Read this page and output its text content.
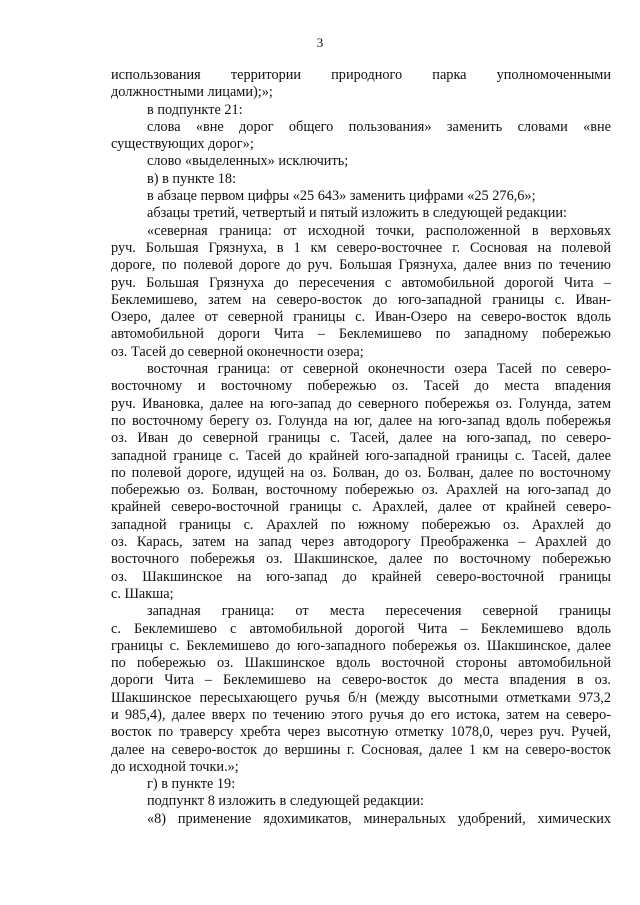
3
использования территории природного парка уполномоченными
должностными лицами);»;
в подпункте 21:
слова «вне дорог общего пользования» заменить словами «вне
существующих дорог»;
слово «выделенных» исключить;
в) в пункте 18:
в абзаце первом цифры «25 643» заменить цифрами «25 276,6»;
абзацы третий, четвертый и пятый изложить в следующей редакции:
«северная граница: от исходной точки, расположенной в верховьях
руч. Большая Грязнуха, в 1 км северо-восточнее г. Сосновая на полевой
дороге, по полевой дороге до руч. Большая Грязнуха, далее вниз по течению
руч. Большая Грязнуха до пересечения с автомобильной дорогой Чита –
Беклемишево, затем на северо-восток до юго-западной границы с. Иван-
Озеро, далее от северной границы с. Иван-Озеро на северо-восток вдоль
автомобильной дороги Чита – Беклемишево по западному побережью
оз. Тасей до северной оконечности озера;
восточная граница: от северной оконечности озера Тасей по северо-
восточному и восточному побережью оз. Тасей до места впадения
руч. Ивановка, далее на юго-запад до северного побережья оз. Голунда, затем
по восточному берегу оз. Голунда на юг, далее на юго-запад вдоль побережья
оз. Иван до северной границы с. Тасей, далее на юго-запад, по северо-
западной границе с. Тасей до крайней юго-западной границы с. Тасей, далее
по полевой дороге, идущей на оз. Болван, до оз. Болван, далее по восточному
побережью оз. Болван, восточному побережью оз. Арахлей на юго-запад до
крайней северо-восточной границы с. Арахлей, далее от крайней северо-
западной границы с. Арахлей по южному побережью оз. Арахлей до
оз. Карась, затем на запад через автодорогу Преображенка – Арахлей до
восточного побережья оз. Шакшинское, далее по восточному побережью
оз. Шакшинское на юго-запад до крайней северо-восточной границы
с. Шакша;
западная граница: от места пересечения северной границы
с. Беклемишево с автомобильной дорогой Чита – Беклемишево вдоль
границы с. Беклемишево до юго-западного побережья оз. Шакшинское, далее
по побережью оз. Шакшинское вдоль восточной стороны автомобильной
дороги Чита – Беклемишево на северо-восток до места впадения в оз.
Шакшинское пересыхающего ручья б/н (между высотными отметками 973,2
и 985,4), далее вверх по течению этого ручья до его истока, затем на северо-
восток по траверсу хребта через высотную отметку 1078,0, через руч. Ручей,
далее на северо-восток до вершины г. Сосновая, далее 1 км на северо-восток
до исходной точки.»;
г) в пункте 19:
подпункт 8 изложить в следующей редакции:
«8) применение ядохимикатов, минеральных удобрений, химических
